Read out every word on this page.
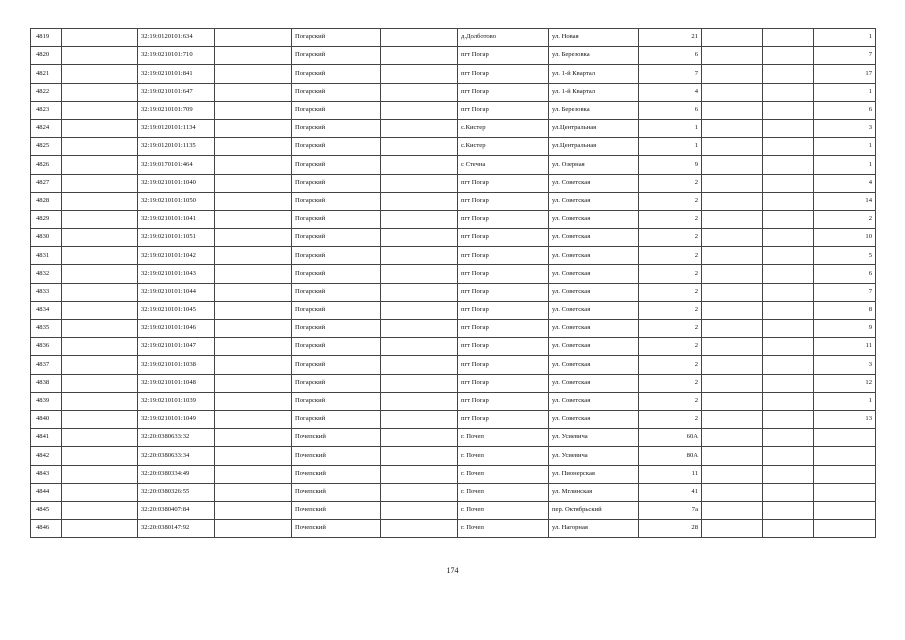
4819		32:19:0120101:634		Погарский		д.Долботово	ул. Новая	21			1
4820		32:19:0210101:710		Погарский		пгт Погар	ул. Березовка	6			7
4821		32:19:0210101:841		Погарский		пгт Погар	ул. 1-й Квартал	7			17
4822		32:19:0210101:647		Погарский		пгт Погар	ул. 1-й Квартал	4			1
4823		32:19:0210101:709		Погарский		пгт Погар	ул. Березовка	6			6
4824		32:19:0120101:1134		Погарский		с.Кистер	ул.Центральная	1			3
4825		32:19:0120101:1135		Погарский		с.Кистер	ул.Центральная	1			1
4826		32:19:0170101:464		Погарский		с Стечна	ул. Озерная	9			1
4827		32:19:0210101:1040		Погарский		пгт Погар	ул. Советская	2			4
4828		32:19:0210101:1050		Погарский		пгт Погар	ул. Советская	2			14
4829		32:19:0210101:1041		Погарский		пгт Погар	ул. Советская	2			2
4830		32:19:0210101:1051		Погарский		пгт Погар	ул. Советская	2			10
4831		32:19:0210101:1042		Погарский		пгт Погар	ул. Советская	2			5
4832		32:19:0210101:1043		Погарский		пгт Погар	ул. Советская	2			6
4833		32:19:0210101:1044		Погарский		пгт Погар	ул. Советская	2			7
4834		32:19:0210101:1045		Погарский		пгт Погар	ул. Советская	2			8
4835		32:19:0210101:1046		Погарский		пгт Погар	ул. Советская	2			9
4836		32:19:0210101:1047		Погарский		пгт Погар	ул. Советская	2			11
4837		32:19:0210101:1038		Погарский		пгт Погар	ул. Советская	2			3
4838		32:19:0210101:1048		Погарский		пгт Погар	ул. Советская	2			12
4839		32:19:0210101:1039		Погарский		пгт Погар	ул. Советская	2			1
4840		32:19:0210101:1049		Погарский		пгт Погар	ул. Советская	2			13
4841		32:20:0380633:32		Почепский		г. Почеп	ул. Усиевича	60А			
4842		32:20:0380633:34		Почепский		г. Почеп	ул. Усиевича	80А			
4843		32:20:0380334:49		Почепский		г. Почеп	ул. Пионерская	11			
4844		32:20:0380326:55		Почепский		г. Почеп	ул. Мглинская	41			
4845		32:20:0380407:84		Почепский		г. Почеп	пер. Октябрьский	7а			
4846		32:20:0380147:92		Почепский		г. Почеп	ул. Нагорная	28			
174
